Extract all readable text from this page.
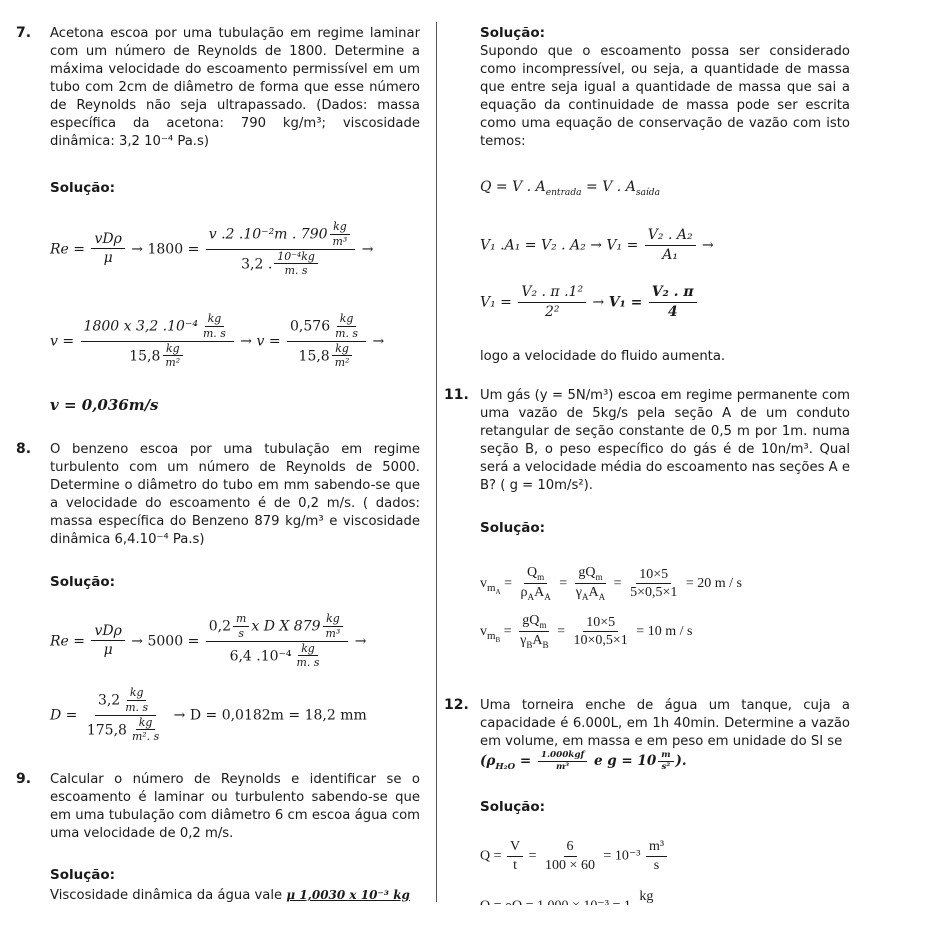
7. Acetona escoa por uma tubulação em regime laminar com um número de Reynolds de 1800. Determine a máxima velocidade do escoamento permissível em um tubo com 2cm de diâmetro de forma que esse número de Reynolds não seja ultrapassado. (Dados: massa específica da acetona: 790 kg/m³; viscosidade dinâmica: 3,2 10⁻⁴ Pa.s)
Solução:
$Re = \frac{\text{vDρ}}{\mu} \to 1800 = \frac{v .2 .10^{-2}m . 790 \frac{kg}{\text{m³}}}{3,2 . \frac{\text{10⁻⁴kg}}{m. s}}$ →
$v = \frac{1800 x 3,2 .10^{-4} \frac{kg}{m. s}}{15,8 \frac{kg}{\text{m²}}} \to v = \frac{0,576 \frac{kg}{m. s}}{15,8 \frac{kg}{\text{m²}}}$ →
v = 0,036m/s
8. O benzeno escoa por uma tubulação em regime turbulento com um número de Reynolds de 5000. Determine o diâmetro do tubo em mm sabendo-se que a velocidade do escoamento é de 0,2 m/s. ( dados: massa específica do Benzeno 879 kg/m³ e viscosidade dinâmica 6,4.10⁻⁴ Pa.s)
Solução:
$Re = \frac{\text{vDρ}}{\mu} \to 5000 = \frac{0,2 \frac{m}{s} x D X 879 \frac{kg}{\text{m³}}}{6,4 .10^{-4} \frac{kg}{m. s}}$ →
$D = \frac{3,2 \frac{kg}{m. s}}{175,8 \frac{kg}{\text{m². s}}} \to D = 0,0182m = 18,2$ mm
9. Calcular o número de Reynolds e identificar se o escoamento é laminar ou turbulento sabendo-se que em uma tubulação com diâmetro 6 cm escoa água com uma velocidade de 0,2 m/s.
Solução:
Viscosidade dinâmica da água vale μ 1,0030 x 10⁻³ kg
Solução:
Supondo que o escoamento possa ser considerado como incompressível, ou seja, a quantidade de massa que entre seja igual a quantidade de massa que sai a equação da continuidade de massa pode ser escrita como uma equação de conservação de vazão com isto temos:
Q = V . $A_{entrada} = V$ . $A_{saída}$
V₁ .A₁ = V₂ . $A_2 \to V_1 = \frac{\text{V₂ . A₂}}{\text{A₁}}$ →
$V_1 = \frac{\text{V₂ . π .1²}}{\text{2²}} \to V_1 = \frac{\text{V₂ . π}}{4}$
logo a velocidade do fluido aumenta.
11. Um gás (y = 5N/m³) escoa em regime permanente com uma vazão de 5kg/s pela seção A de um conduto retangular de seção constante de 0,5 m por 1m. numa seção B, o peso específico do gás é de 10n/m³. Qual será a velocidade média do escoamento nas seções A e B? ( g = 10m/s²).
Solução:
$v_{m_A} = \frac{Q_m}{\rho_AA_A} = \frac{gQ_m}{\gamma_AA_A} = \frac{10\times 5}{5\times 0,5\times 1} = 20$ m / s
$v_{m_B} = \frac{gQ_m}{\gamma_BA_B} = \frac{10\times 5}{10\times 0,5\times 1} = 10$ m / s
12. Uma torneira enche de água um tanque, cuja a capacidade é 6.000L, em 1h 40min. Determine a vazão em volume, em massa e em peso em unidade do SI se
($\rho_{H_2O} = \frac{\text{1.000kgf}}{\text{m³}}$ e $g = 10 \frac{m}{\text{s²}}$ ).
Solução:
$Q = \frac{V}{t} = \frac{6}{100 \times 60} = 10^{-3} \frac{\text{m³}}{s}$
kg
